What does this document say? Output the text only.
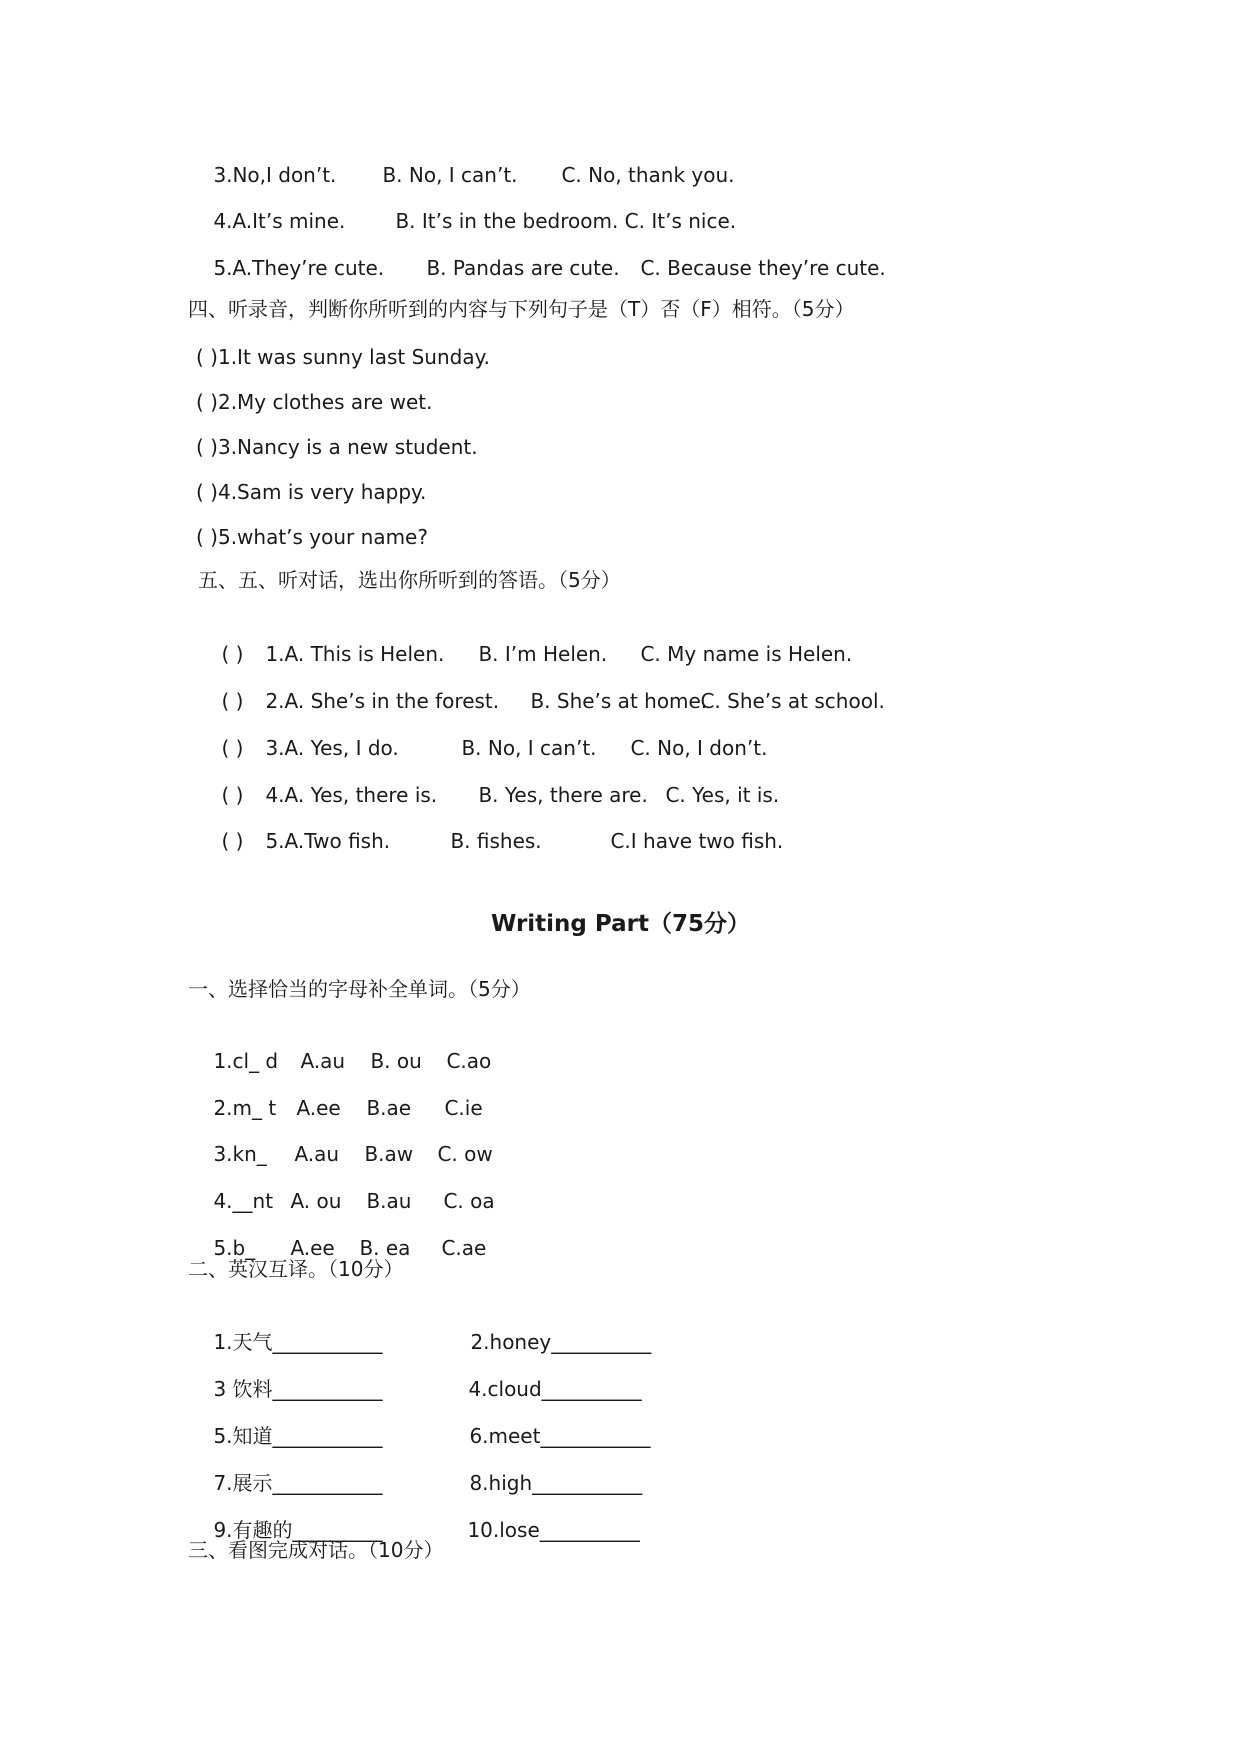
3.No,I don’t. B. No, I can’t. C. No, thank you.

4.A.It’s mine.	B. It’s in the bedroom. C. It’s nice.

5.A.They’re cute. B. Pandas are cute. C. Because they’re cute.

四、听录音，判断你所听到的内容与下列句子是（T）否（F）相符。（5分）
( )1.It was sunny last Sunday.
( )2.My clothes are wet.
( )3.Nancy is a new student.
( )4.Sam is very happy.
( )5.what’s your name?
五、五、听对话，选出你所听到的答语。（5分）

( ) 1.A. This is Helen. B. I’m Helen. C. My name is Helen.

( ) 2.A. She’s in the forest. B. She’s at home.C. She’s at school.

( ) 3.A. Yes, I do.	B. No, I can’t. C. No, I don’t.

( ) 4.A. Yes, there is. B. Yes, there are. C. Yes, it is.

( ) 5.A.Two fish.	B. fishes.	C.I have two fish.

Writing Part（75分）
一、选择恰当的字母补全单词。（5分）

1.cl_ d A.au B. ou C.ao

2.m_ t A.ee B.ae C.ie

3.kn_ A.au B.aw C. ow

4.__nt A. ou B.au C. oa

5.b_ A.ee B. ea C.ae

二、英汉互译。（10分）

1.天气___________	2.honey__________

3 饮料___________	4.cloud__________

5.知道___________	6.meet___________

7.展示___________	8.high___________

9.有趣的_________	10.lose__________

三、看图完成对话。（10分）
